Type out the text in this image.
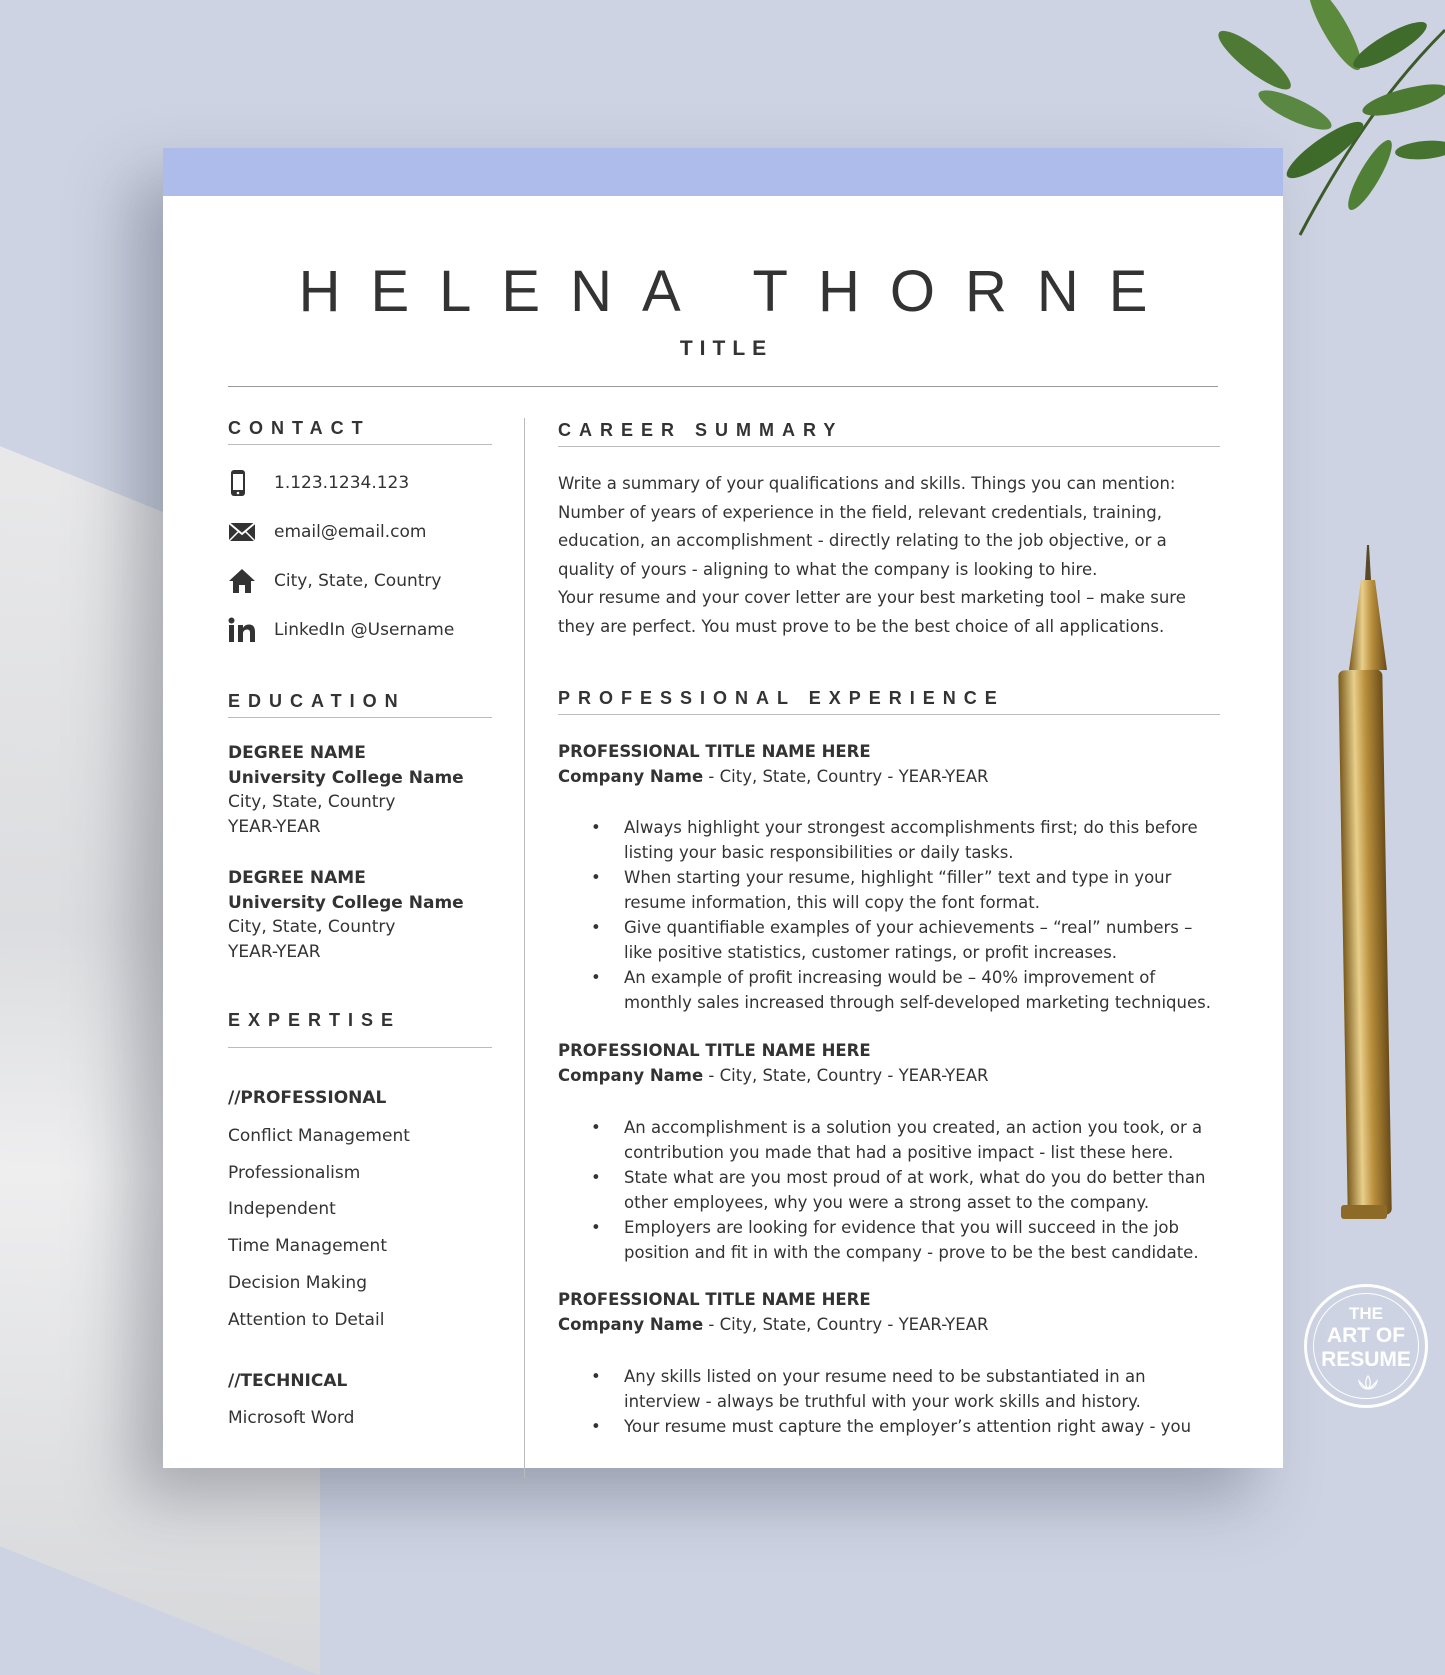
THE
ART OF
RESUME
HELENA THORNE
TITLE
CONTACT
1.123.1234.123
email@email.com
City, State, Country
LinkedIn @Username
EDUCATION
DEGREE NAME
University College Name
City, State, Country
YEAR-YEAR
DEGREE NAME
University College Name
City, State, Country
YEAR-YEAR
EXPERTISE
//PROFESSIONAL
Conflict Management
Professionalism
Independent
Time Management
Decision Making
Attention to Detail
//TECHNICAL
Microsoft Word
CAREER SUMMARY
Write a summary of your qualifications and skills. Things you can mention:
Number of years of experience in the field, relevant credentials, training,
education, an accomplishment - directly relating to the job objective, or a
quality of yours - aligning to what the company is looking to hire.
Your resume and your cover letter are your best marketing tool – make sure
they are perfect. You must prove to be the best choice of all applications.
PROFESSIONAL EXPERIENCE
PROFESSIONAL TITLE NAME HERE
Company Name - City, State, Country - YEAR-YEAR
• Always highlight your strongest accomplishments first; do this before
listing your basic responsibilities or daily tasks.
• When starting your resume, highlight “filler” text and type in your
resume information, this will copy the font format.
• Give quantifiable examples of your achievements – “real” numbers –
like positive statistics, customer ratings, or profit increases.
• An example of profit increasing would be – 40% improvement of
monthly sales increased through self-developed marketing techniques.
PROFESSIONAL TITLE NAME HERE
Company Name - City, State, Country - YEAR-YEAR
• An accomplishment is a solution you created, an action you took, or a
contribution you made that had a positive impact - list these here.
• State what are you most proud of at work, what do you do better than
other employees, why you were a strong asset to the company.
• Employers are looking for evidence that you will succeed in the job
position and fit in with the company - prove to be the best candidate.
PROFESSIONAL TITLE NAME HERE
Company Name - City, State, Country - YEAR-YEAR
• Any skills listed on your resume need to be substantiated in an
interview - always be truthful with your work skills and history.
• Your resume must capture the employer’s attention right away - you
